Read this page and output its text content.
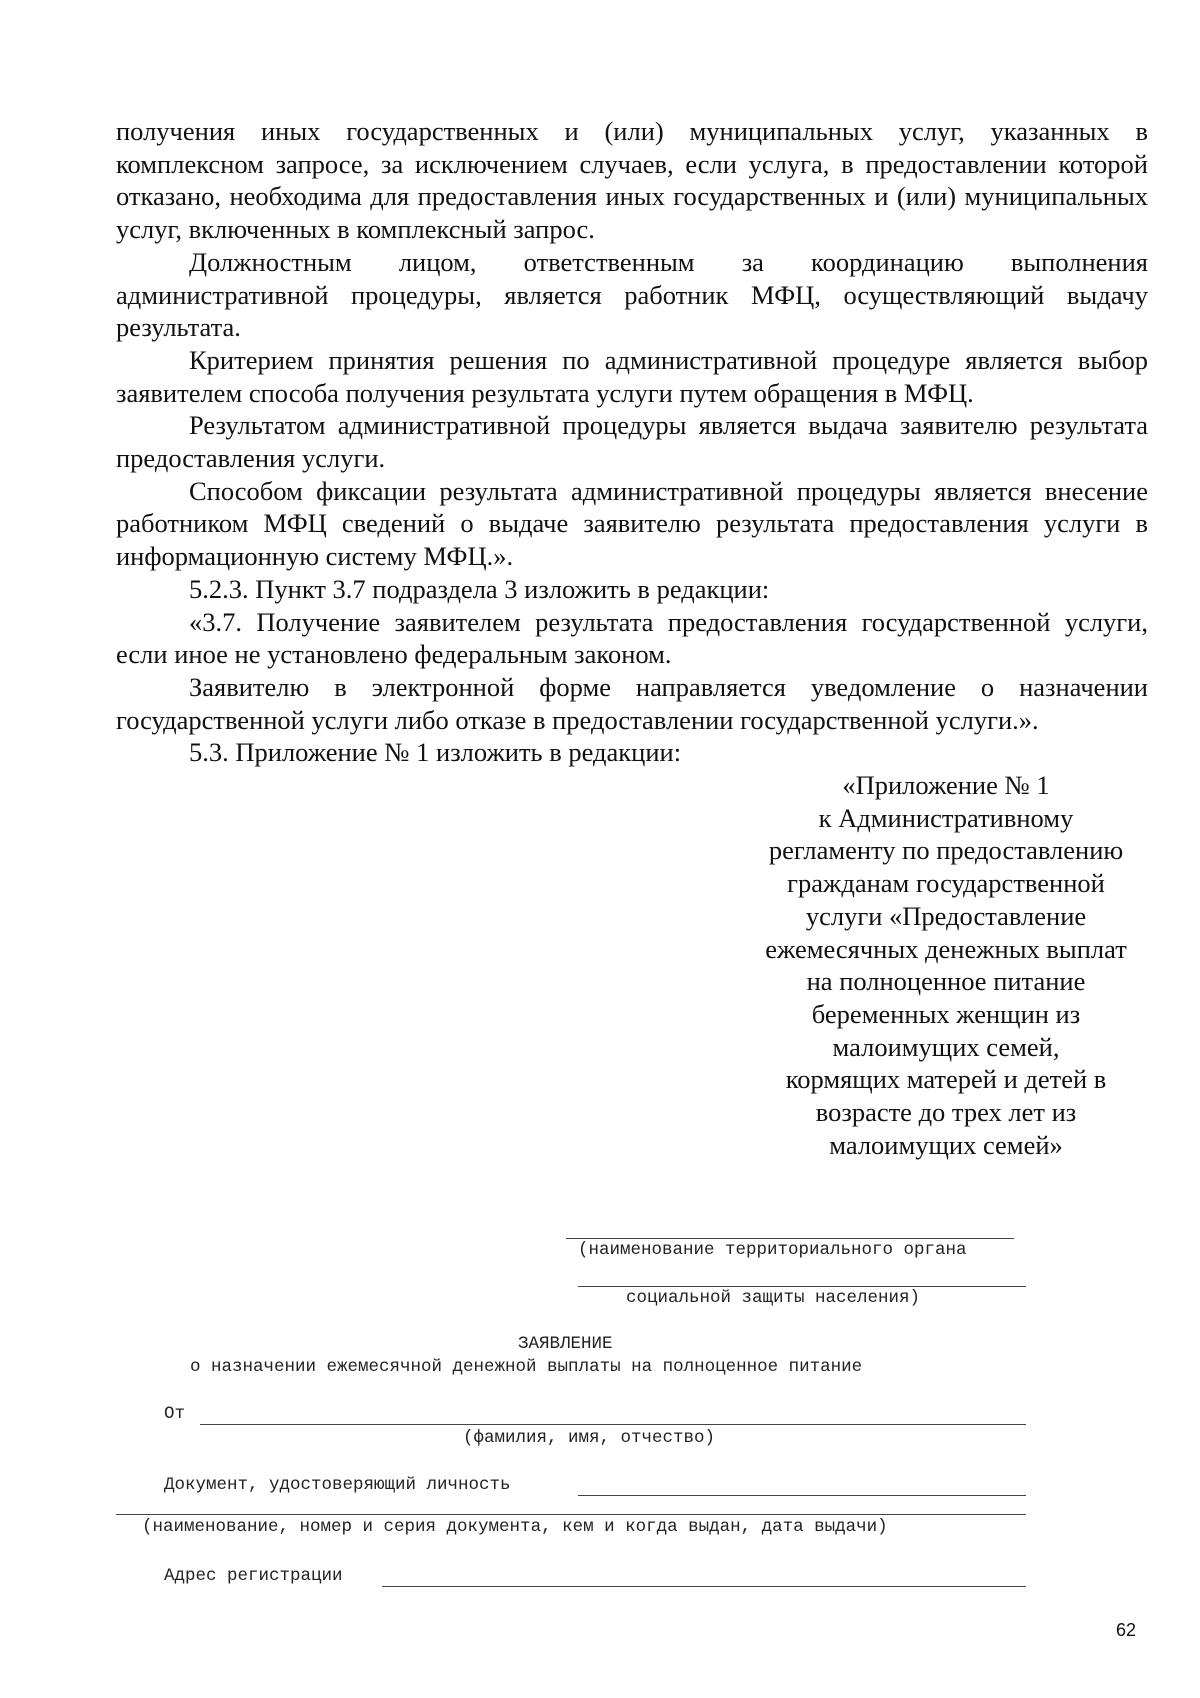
получения иных государственных и (или) муниципальных услуг, указанных в комплексном запросе, за исключением случаев, если услуга, в предоставлении которой отказано, необходима для предоставления иных государственных и (или) муниципальных услуг, включенных в комплексный запрос.

Должностным лицом, ответственным за координацию выполнения административной процедуры, является работник МФЦ, осуществляющий выдачу результата.

Критерием принятия решения по административной процедуре является выбор заявителем способа получения результата услуги путем обращения в МФЦ.

Результатом административной процедуры является выдача заявителю результата предоставления услуги.

Способом фиксации результата административной процедуры является внесение работником МФЦ сведений о выдаче заявителю результата предоставления услуги в информационную систему МФЦ.».

5.2.3. Пункт 3.7 подраздела 3 изложить в редакции:

«3.7. Получение заявителем результата предоставления государственной услуги, если иное не установлено федеральным законом.

Заявителю в электронной форме направляется уведомление о назначении государственной услуги либо отказе в предоставлении государственной услуги.».

5.3. Приложение № 1 изложить в редакции:

«Приложение № 1
к Административному
регламенту по предоставлению
гражданам государственной
услуги «Предоставление
ежемесячных денежных выплат
на полноценное питание
беременных женщин из
малоимущих семей,
кормящих матерей и детей в
возрасте до трех лет из
малоимущих семей»
(наименование территориального органа
социальной защиты населения)
ЗАЯВЛЕНИЕ
о назначении ежемесячной денежной выплаты на полноценное питание
От
(фамилия, имя, отчество)
Документ, удостоверяющий личность
(наименование, номер и серия документа, кем и когда выдан, дата выдачи)
Адрес регистрации
62
